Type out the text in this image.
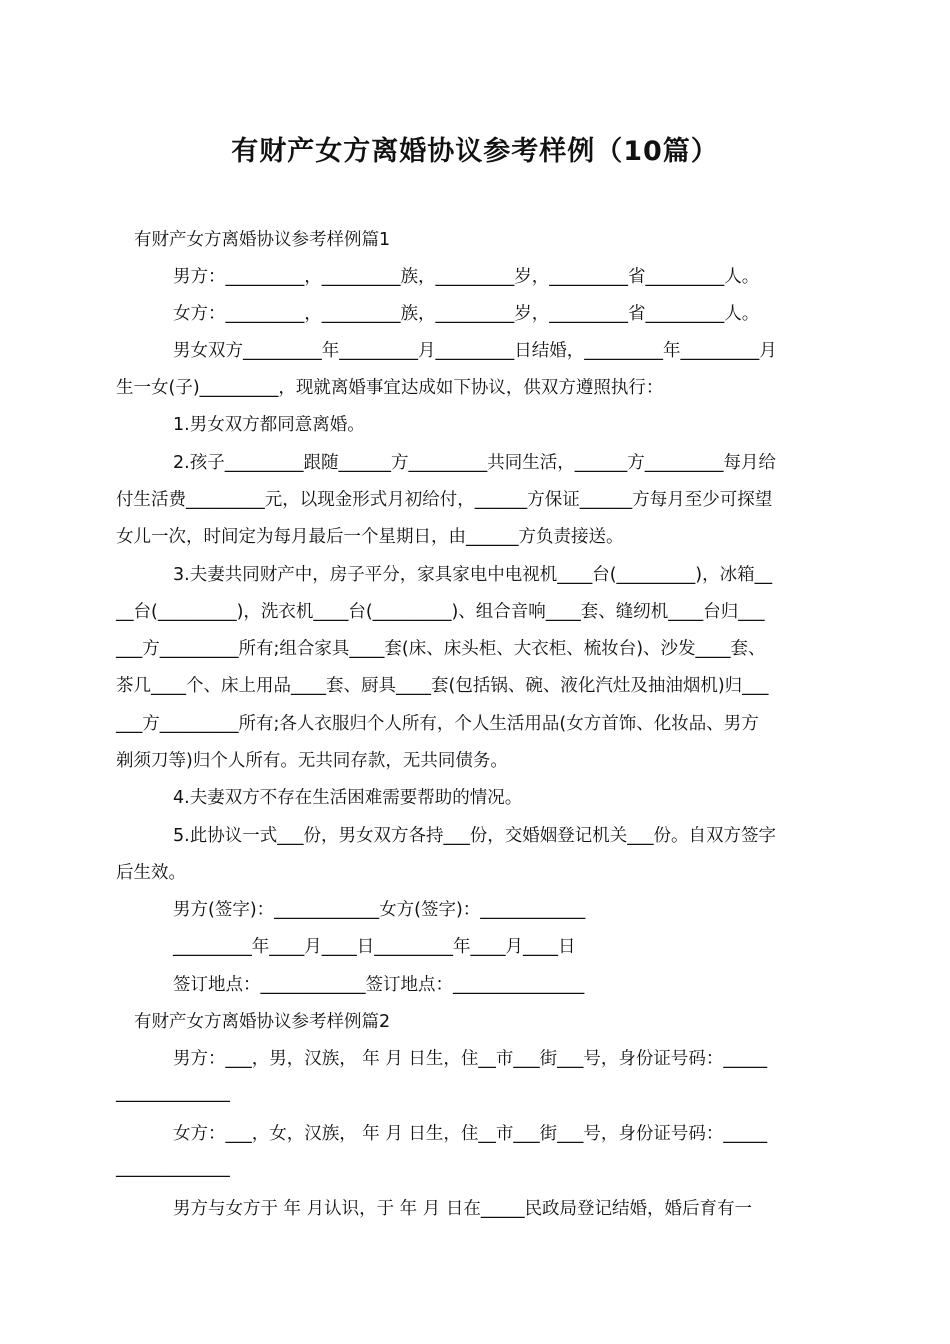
有财产女方离婚协议参考样例（10篇）
有财产女方离婚协议参考样例篇1
男方：_________，_________族，_________岁，_________省_________人。
女方：_________，_________族，_________岁，_________省_________人。
男女双方_________年_________月_________日结婚，_________年_________月
生一女(子)_________，现就离婚事宜达成如下协议，供双方遵照执行：
1.男女双方都同意离婚。
2.孩子_________跟随______方_________共同生活，______方_________每月给
付生活费_________元，以现金形式月初给付，______方保证______方每月至少可探望
女儿一次，时间定为每月最后一个星期日，由______方负责接送。
3.夫妻共同财产中，房子平分，家具家电中电视机____台(_________)，冰箱__
__台(_________)，洗衣机____台(_________)、组合音响____套、缝纫机____台归___
___方_________所有;组合家具____套(床、床头柜、大衣柜、梳妆台)、沙发____套、
茶几____个、床上用品____套、厨具____套(包括锅、碗、液化汽灶及抽油烟机)归___
___方_________所有;各人衣服归个人所有，个人生活用品(女方首饰、化妆品、男方
剃须刀等)归个人所有。无共同存款，无共同债务。
4.夫妻双方不存在生活困难需要帮助的情况。
5.此协议一式___份，男女双方各持___份，交婚姻登记机关___份。自双方签字
后生效。
男方(签字)：____________女方(签字)：____________
_________年____月____日_________年____月____日
签订地点：____________签订地点：_______________
有财产女方离婚协议参考样例篇2
男方：___，男，汉族， 年 月 日生，住__市___街___号，身份证号码：_____
_____________
女方：___，女，汉族， 年 月 日生，住__市___街___号，身份证号码：_____
_____________
男方与女方于 年 月认识，于 年 月 日在_____民政局登记结婚，婚后育有一
